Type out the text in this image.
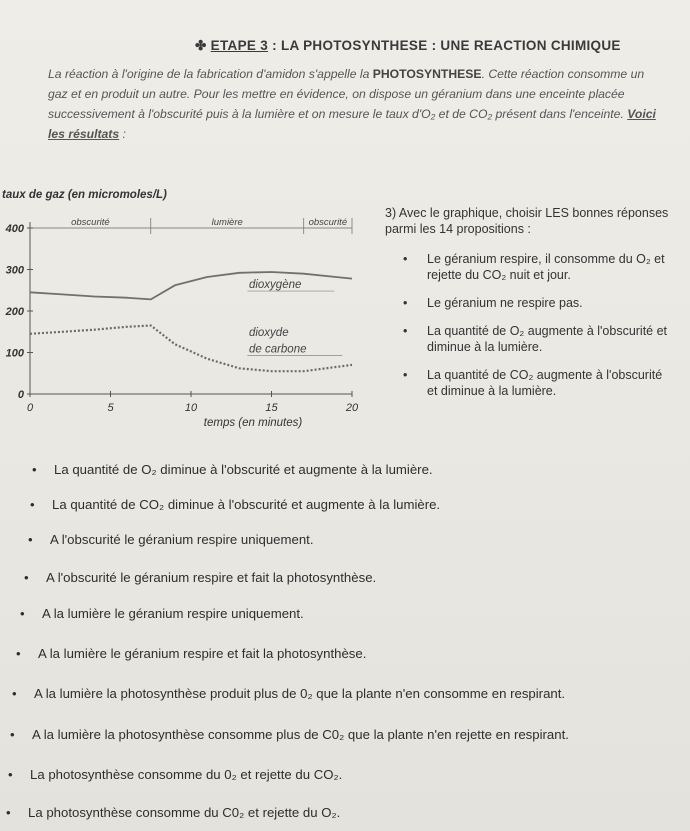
✤ ETAPE 3 : LA PHOTOSYNTHESE : UNE REACTION CHIMIQUE
La réaction à l'origine de la fabrication d'amidon s'appelle la PHOTOSYNTHESE. Cette réaction consomme un gaz et en produit un autre. Pour les mettre en évidence, on dispose un géranium dans une enceinte placée successivement à l'obscurité puis à la lumière et on mesure le taux d'O₂ et de CO₂ présent dans l'enceinte. Voici les résultats :
taux de gaz (en micromoles/L)
obscurité	lumière	obscurité
0
100
200
300
400
0	5	10	15	20
temps (en minutes)
dioxygène
dioxyde
de carbone
3) Avec le graphique, choisir LES bonnes réponses parmi les 14 propositions :
• Le géranium respire, il consomme du O₂ et rejette du CO₂ nuit et jour.
• Le géranium ne respire pas.
• La quantité de O₂ augmente à l'obscurité et diminue à la lumière.
• La quantité de CO₂ augmente à l'obscurité et diminue à la lumière.
• La quantité de O₂ diminue à l'obscurité et augmente à la lumière.
• La quantité de CO₂ diminue à l'obscurité et augmente à la lumière.
• A l'obscurité le géranium respire uniquement.
• A l'obscurité le géranium respire et fait la photosynthèse.
• A la lumière le géranium respire uniquement.
• A la lumière le géranium respire et fait la photosynthèse.
• A la lumière la photosynthèse produit plus de 0₂ que la plante n'en consomme en respirant.
• A la lumière la photosynthèse consomme plus de C0₂ que la plante n'en rejette en respirant.
• La photosynthèse consomme du 0₂ et rejette du CO₂.
• La photosynthèse consomme du C0₂ et rejette du O₂.
